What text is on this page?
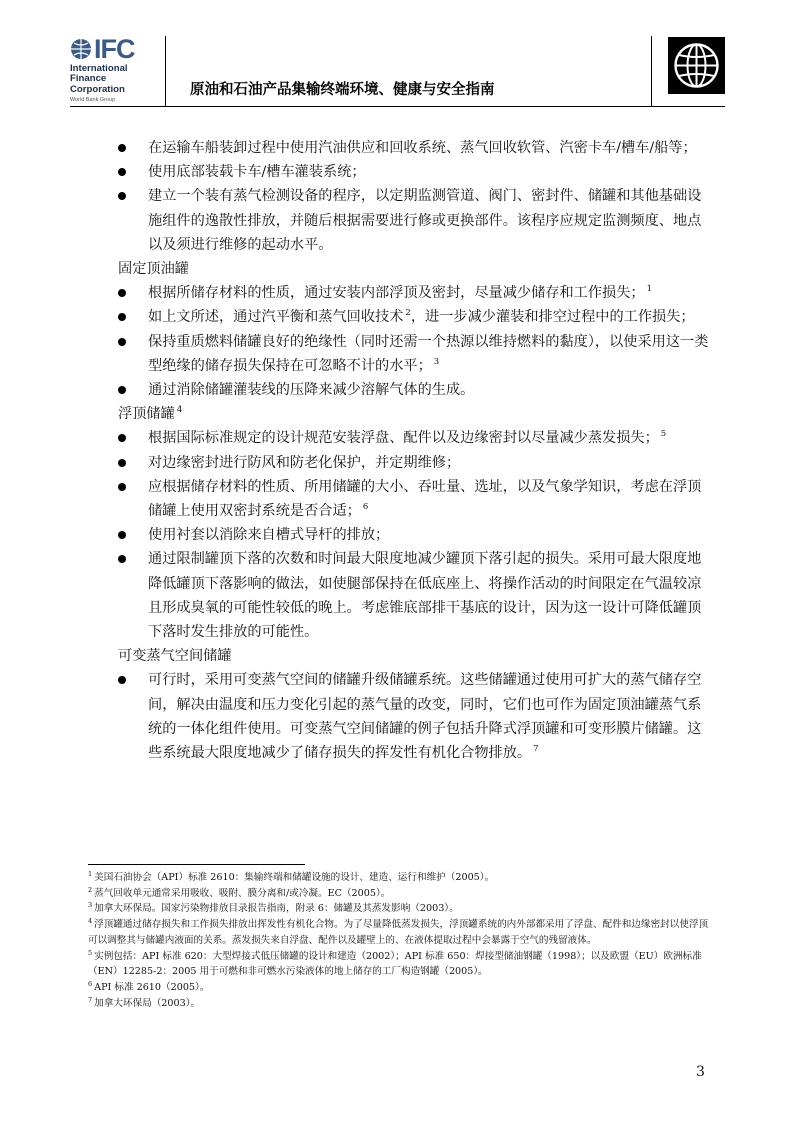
IFC
International
Finance
Corporation
World Bank Group
原油和石油产品集输终端环境、健康与安全指南
在运输车船装卸过程中使用汽油供应和回收系统、蒸气回收软管、汽密卡车/槽车/船等；
使用底部装载卡车/槽车灌装系统；
建立一个装有蒸气检测设备的程序，以定期监测管道、阀门、密封件、储罐和其他基础设施组件的逸散性排放，并随后根据需要进行修或更换部件。该程序应规定监测频度、地点以及须进行维修的起动水平。

固定顶油罐

根据所储存材料的性质，通过安装内部浮顶及密封，尽量减少储存和工作损失； $^1$
如上文所述，通过汽平衡和蒸气回收技术 $^2$，进一步减少灌装和排空过程中的工作损失；
保持重质燃料储罐良好的绝缘性（同时还需一个热源以维持燃料的黏度），以使采用这一类型绝缘的储存损失保持在可忽略不计的水平； $^3$
通过消除储罐灌装线的压降来减少溶解气体的生成。

浮顶储罐 $^4$

根据国际标准规定的设计规范安装浮盘、配件以及边缘密封以尽量减少蒸发损失； $^5$
对边缘密封进行防风和防老化保护，并定期维修；
应根据储存材料的性质、所用储罐的大小、吞吐量、选址，以及气象学知识，考虑在浮顶储罐上使用双密封系统是否合适； $^6$
使用衬套以消除来自槽式导杆的排放；
通过限制罐顶下落的次数和时间最大限度地减少罐顶下落引起的损失。采用可最大限度地降低罐顶下落影响的做法，如使腿部保持在低底座上、将操作活动的时间限定在气温较凉且形成臭氧的可能性较低的晚上。考虑锥底部排干基底的设计，因为这一设计可降低罐顶下落时发生排放的可能性。

可变蒸气空间储罐

可行时，采用可变蒸气空间的储罐升级储罐系统。这些储罐通过使用可扩大的蒸气储存空间，解决由温度和压力变化引起的蒸气量的改变，同时，它们也可作为固定顶油罐蒸气系统的一体化组件使用。可变蒸气空间储罐的例子包括升降式浮顶罐和可变形膜片储罐。这些系统最大限度地减少了储存损失的挥发性有机化合物排放。 $^7$

$^1$ 美国石油协会（API）标准 2610：集输终端和储罐设施的设计、建造、运行和维护（2005）。

$^2$ 蒸气回收单元通常采用吸收、吸附、膜分离和/或冷凝。EC（2005）。

$^3$ 加拿大环保局。国家污染物排放目录报告指南，附录 6：储罐及其蒸发影响（2003）。

$^4$ 浮顶罐通过储存损失和工作损失排放出挥发性有机化合物。为了尽量降低蒸发损失，浮顶罐系统的内外部都采用了浮盘、配件和边缘密封以使浮顶可以调整其与储罐内液面的关系。蒸发损失来自浮盘、配件以及罐壁上的、在液体提取过程中会暴露于空气的残留液体。

$^5$ 实例包括：API 标准 620：大型焊接式低压储罐的设计和建造（2002）；API 标准 650：焊接型储油钢罐（1998）；以及欧盟（EU）欧洲标准（EN）12285-2：2005 用于可燃和非可燃水污染液体的地上储存的工厂构造钢罐（2005）。

$^6$ API 标准 2610（2005）。

$^7$ 加拿大环保局（2003）。

3
